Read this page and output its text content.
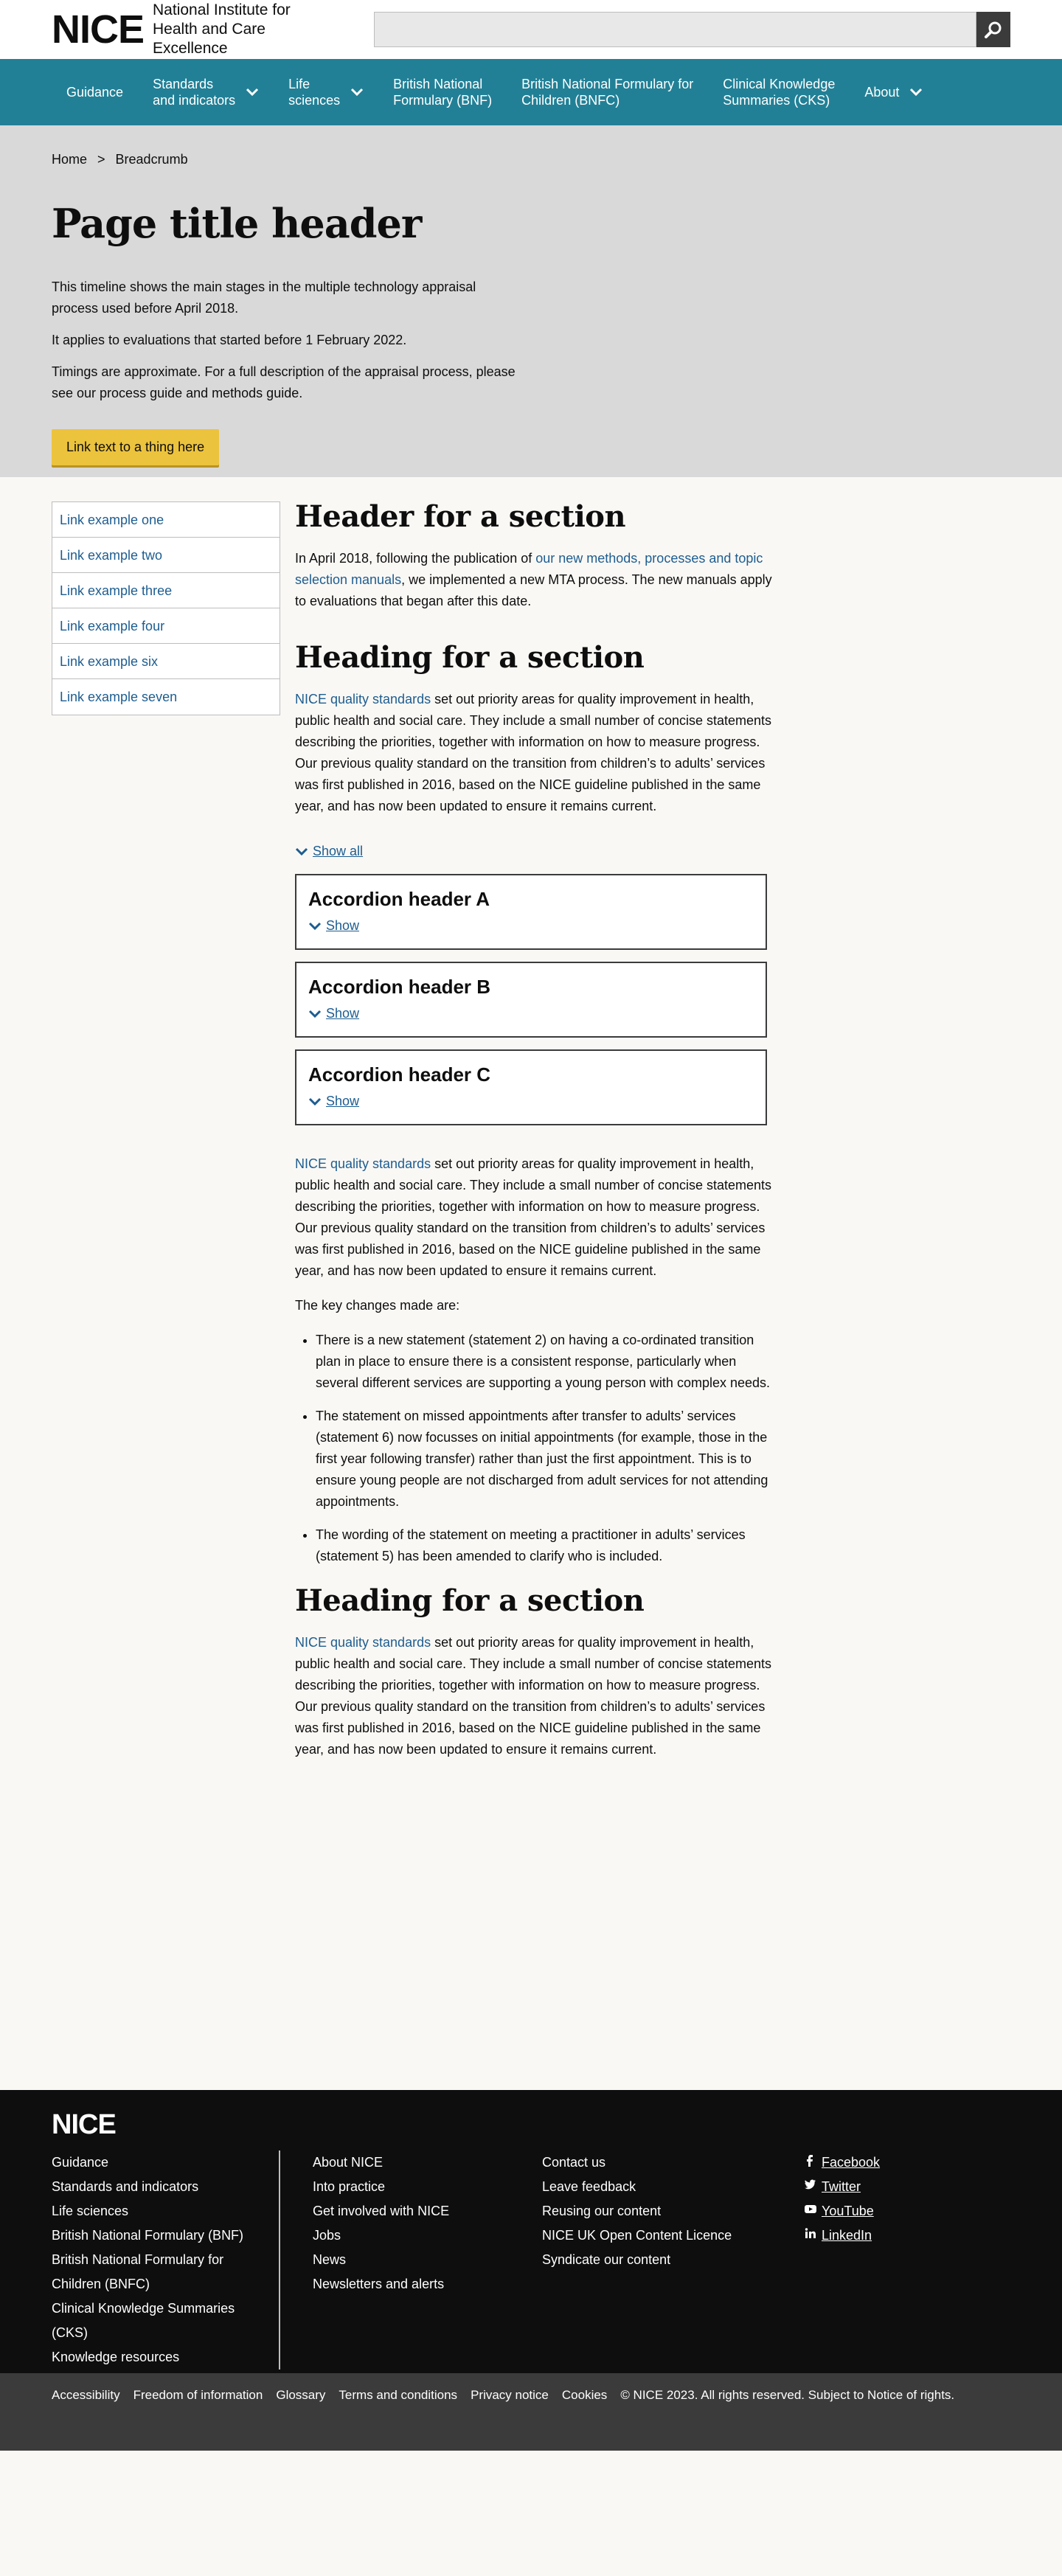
NICE National Institute for
Health and Care Excellence
Guidance
Standards
and indicators
Life
sciences
British National
Formulary (BNF)
British National Formulary for
Children (BNFC)
Clinical Knowledge
Summaries (CKS)
About
Home > Breadcrumb
Page title header

This timeline shows the main stages in the multiple technology appraisal process used before April 2018.

It applies to evaluations that started before 1 February 2022.

Timings are approximate. For a full description of the appraisal process, please see our process guide and methods guide.

Link text to a thing here
Link example one
Link example two
Link example three
Link example four
Link example six
Link example seven
Header for a section

In April 2018, following the publication of our new methods, processes and topic selection manuals, we implemented a new MTA process. The new manuals apply to evaluations that began after this date.

Heading for a section

NICE quality standards set out priority areas for quality improvement in health, public health and social care. They include a small number of concise statements describing the priorities, together with information on how to measure progress. Our previous quality standard on the transition from children’s to adults’ services was first published in 2016, based on the NICE guideline published in the same year, and has now been updated to ensure it remains current.

Show all
Accordion header A
Show
Accordion header B
Show
Accordion header C
Show

NICE quality standards set out priority areas for quality improvement in health, public health and social care. They include a small number of concise statements describing the priorities, together with information on how to measure progress. Our previous quality standard on the transition from children’s to adults’ services was first published in 2016, based on the NICE guideline published in the same year, and has now been updated to ensure it remains current.

The key changes made are:

• There is a new statement (statement 2) on having a co-ordinated transition plan in place to ensure there is a consistent response, particularly when several different services are supporting a young person with complex needs.
• The statement on missed appointments after transfer to adults’ services (statement 6) now focusses on initial appointments (for example, those in the first year following transfer) rather than just the first appointment. This is to ensure young people are not discharged from adult services for not attending appointments.
• The wording of the statement on meeting a practitioner in adults’ services (statement 5) has been amended to clarify who is included.
Heading for a section

NICE quality standards set out priority areas for quality improvement in health, public health and social care. They include a small number of concise statements describing the priorities, together with information on how to measure progress. Our previous quality standard on the transition from children’s to adults’ services was first published in 2016, based on the NICE guideline published in the same year, and has now been updated to ensure it remains current.

NICE
Guidance
Standards and indicators
Life sciences
British National Formulary (BNF)
British National Formulary for Children (BNFC)
Clinical Knowledge Summaries (CKS)
Knowledge resources
About NICE
Into practice
Get involved with NICE
Jobs
News
Newsletters and alerts
Contact us
Leave feedback
Reusing our content
NICE UK Open Content Licence
Syndicate our content
Facebook
Twitter
YouTube
LinkedIn
Accessibility Freedom of information Glossary Terms and conditions Privacy notice Cookies © NICE 2023. All rights reserved. Subject to Notice of rights.
